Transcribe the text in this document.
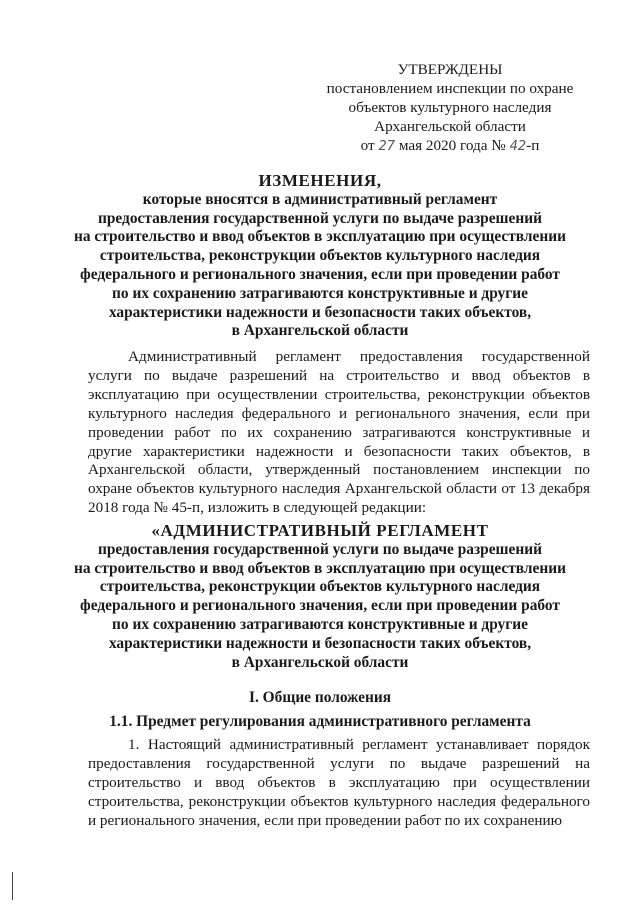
УТВЕРЖДЕНЫ
постановлением инспекции по охране
объектов культурного наследия
Архангельской области
от 27 мая 2020 года № 42-п
ИЗМЕНЕНИЯ,
которые вносятся в административный регламент
предоставления государственной услуги по выдаче разрешений
на строительство и ввод объектов в эксплуатацию при осуществлении
строительства, реконструкции объектов культурного наследия
федерального и регионального значения, если при проведении работ
по их сохранению затрагиваются конструктивные и другие
характеристики надежности и безопасности таких объектов,
в Архангельской области
Административный регламент предоставления государственной услуги по выдаче разрешений на строительство и ввод объектов в эксплуатацию при осуществлении строительства, реконструкции объектов культурного наследия федерального и регионального значения, если при проведении работ по их сохранению затрагиваются конструктивные и другие характеристики надежности и безопасности таких объектов, в Архангельской области, утвержденный постановлением инспекции по охране объектов культурного наследия Архангельской области от 13 декабря 2018 года № 45-п, изложить в следующей редакции:
«АДМИНИСТРАТИВНЫЙ РЕГЛАМЕНТ
предоставления государственной услуги по выдаче разрешений
на строительство и ввод объектов в эксплуатацию при осуществлении
строительства, реконструкции объектов культурного наследия
федерального и регионального значения, если при проведении работ
по их сохранению затрагиваются конструктивные и другие
характеристики надежности и безопасности таких объектов,
в Архангельской области
I. Общие положения
1.1. Предмет регулирования административного регламента
1. Настоящий административный регламент устанавливает порядок предоставления государственной услуги по выдаче разрешений на строительство и ввод объектов в эксплуатацию при осуществлении строительства, реконструкции объектов культурного наследия федерального и регионального значения, если при проведении работ по их сохранению
